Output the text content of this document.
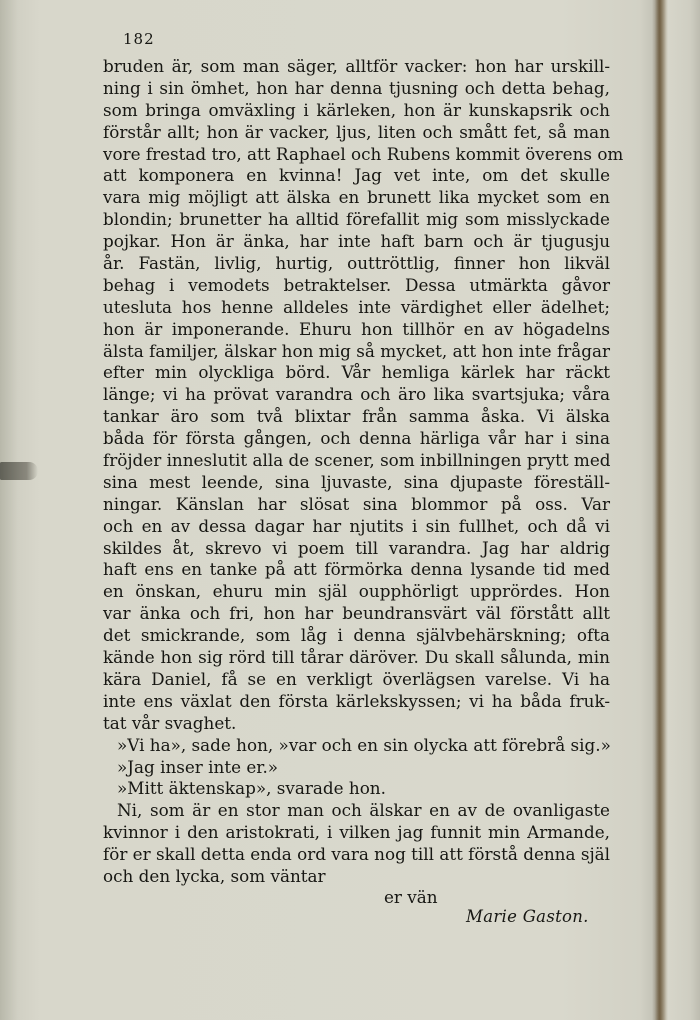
182
bruden är, som man säger, alltför vacker: hon har urskill-
ning i sin ömhet, hon har denna tjusning och detta behag,
som bringa omväxling i kärleken, hon är kunskapsrik och
förstår allt; hon är vacker, ljus, liten och smått fet, så man
vore frestad tro, att Raphael och Rubens kommit överens om
att komponera en kvinna! Jag vet inte, om det skulle
vara mig möjligt att älska en brunett lika mycket som en
blondin; brunetter ha alltid förefallit mig som misslyckade
pojkar. Hon är änka, har inte haft barn och är tjugusju
år. Fastän, livlig, hurtig, outtröttlig, finner hon likväl
behag i vemodets betraktelser. Dessa utmärkta gåvor
utesluta hos henne alldeles inte värdighet eller ädelhet;
hon är imponerande. Ehuru hon tillhör en av högadelns
älsta familjer, älskar hon mig så mycket, att hon inte frågar
efter min olyckliga börd. Vår hemliga kärlek har räckt
länge; vi ha prövat varandra och äro lika svartsjuka; våra
tankar äro som två blixtar från samma åska. Vi älska
båda för första gången, och denna härliga vår har i sina
fröjder inneslutit alla de scener, som inbillningen prytt med
sina mest leende, sina ljuvaste, sina djupaste föreställ-
ningar. Känslan har slösat sina blommor på oss. Var
och en av dessa dagar har njutits i sin fullhet, och då vi
skildes åt, skrevo vi poem till varandra. Jag har aldrig
haft ens en tanke på att förmörka denna lysande tid med
en önskan, ehuru min själ oupphörligt upprördes. Hon
var änka och fri, hon har beundransvärt väl förstått allt
det smickrande, som låg i denna självbehärskning; ofta
kände hon sig rörd till tårar däröver. Du skall sålunda, min
kära Daniel, få se en verkligt överlägsen varelse. Vi ha
inte ens växlat den första kärlekskyssen; vi ha båda fruk-
tat vår svaghet.
»Vi ha», sade hon, »var och en sin olycka att förebrå sig.»
»Jag inser inte er.»
»Mitt äktenskap», svarade hon.
Ni, som är en stor man och älskar en av de ovanligaste
kvinnor i den aristokrati, i vilken jag funnit min Armande,
för er skall detta enda ord vara nog till att förstå denna själ
och den lycka, som väntar
er vän
Marie Gaston.
